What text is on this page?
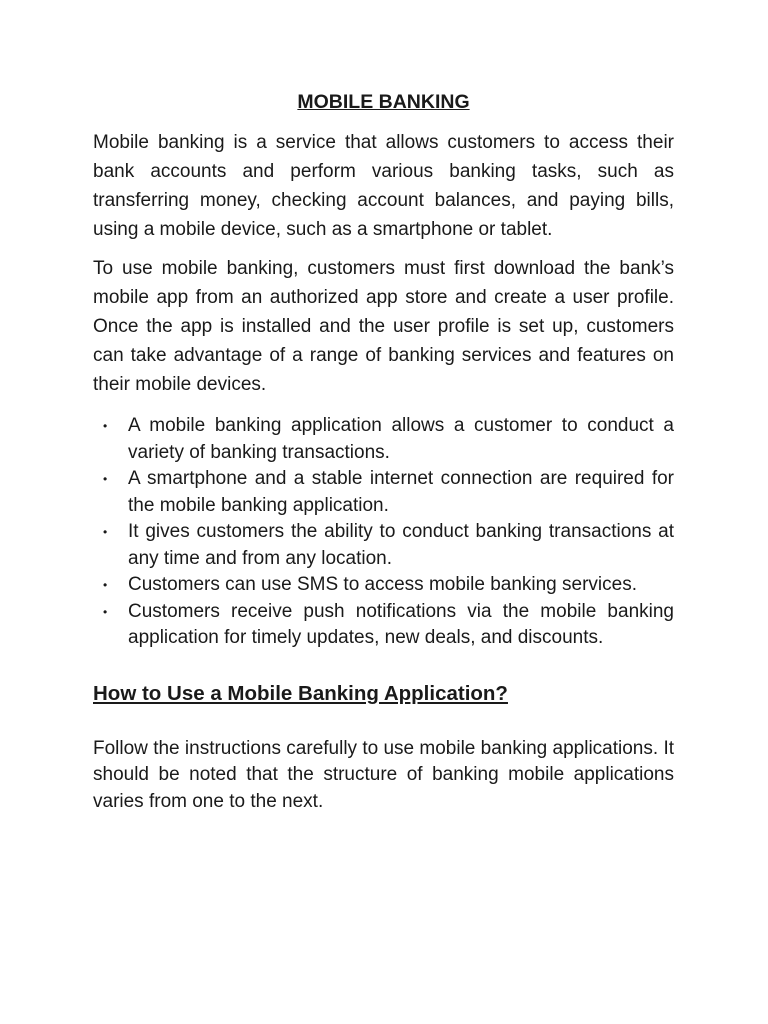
MOBILE BANKING

Mobile banking is a service that allows customers to access their bank accounts and perform various banking tasks, such as transferring money, checking account balances, and paying bills, using a mobile device, such as a smartphone or tablet.

To use mobile banking, customers must first download the bank’s mobile app from an authorized app store and create a user profile. Once the app is installed and the user profile is set up, customers can take advantage of a range of banking services and features on their mobile devices.

• A mobile banking application allows a customer to conduct a variety of banking transactions.
• A smartphone and a stable internet connection are required for the mobile banking application.
• It gives customers the ability to conduct banking transactions at any time and from any location.
• Customers can use SMS to access mobile banking services.
• Customers receive push notifications via the mobile banking application for timely updates, new deals, and discounts.
How to Use a Mobile Banking Application?

Follow the instructions carefully to use mobile banking applications. It should be noted that the structure of banking mobile applications varies from one to the next.
